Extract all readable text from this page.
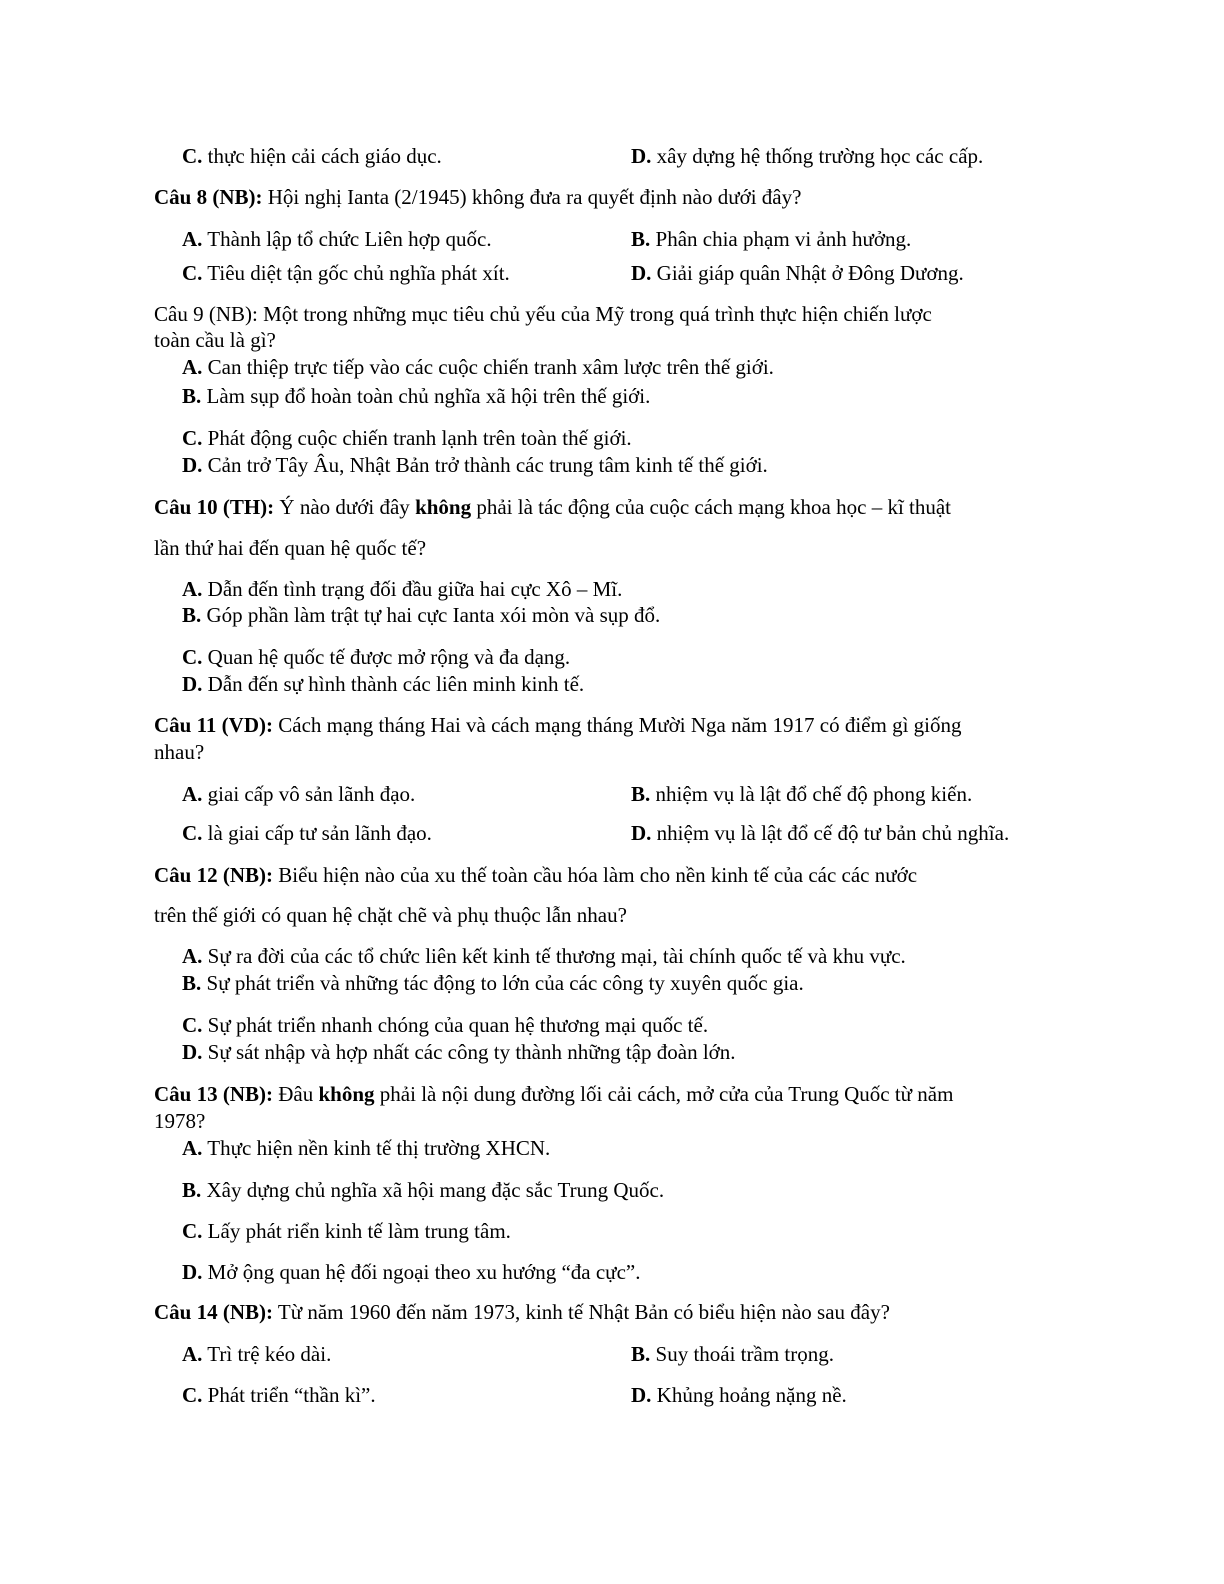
C. thực hiện cải cách giáo dục.	D. xây dựng hệ thống trường học các cấp.
Câu 8 (NB): Hội nghị Ianta (2/1945) không đưa ra quyết định nào dưới đây?
A. Thành lập tổ chức Liên hợp quốc.	B. Phân chia phạm vi ảnh hưởng.
C. Tiêu diệt tận gốc chủ nghĩa phát xít.	D. Giải giáp quân Nhật ở Đông Dương.
Câu 9 (NB): Một trong những mục tiêu chủ yếu của Mỹ trong quá trình thực hiện chiến lược
toàn cầu là gì?
A. Can thiệp trực tiếp vào các cuộc chiến tranh xâm lược trên thế giới.
B. Làm sụp đổ hoàn toàn chủ nghĩa xã hội trên thế giới.
C. Phát động cuộc chiến tranh lạnh trên toàn thế giới.
D. Cản trở Tây Âu, Nhật Bản trở thành các trung tâm kinh tế thế giới.
Câu 10 (TH): Ý nào dưới đây không phải là tác động của cuộc cách mạng khoa học – kĩ thuật
lần thứ hai đến quan hệ quốc tế?
A. Dẫn đến tình trạng đối đầu giữa hai cực Xô – Mĩ.
B. Góp phần làm trật tự hai cực Ianta xói mòn và sụp đổ.
C. Quan hệ quốc tế được mở rộng và đa dạng.
D. Dẫn đến sự hình thành các liên minh kinh tế.
Câu 11 (VD): Cách mạng tháng Hai và cách mạng tháng Mười Nga năm 1917 có điểm gì giống
nhau?
A. giai cấp vô sản lãnh đạo.	B. nhiệm vụ là lật đổ chế độ phong kiến.
C. là giai cấp tư sản lãnh đạo.	D. nhiệm vụ là lật đổ cế độ tư bản chủ nghĩa.
Câu 12 (NB): Biểu hiện nào của xu thế toàn cầu hóa làm cho nền kinh tế của các các nước
trên thế giới có quan hệ chặt chẽ và phụ thuộc lẫn nhau?
A. Sự ra đời của các tổ chức liên kết kinh tế thương mại, tài chính quốc tế và khu vực.
B. Sự phát triển và những tác động to lớn của các công ty xuyên quốc gia.
C. Sự phát triển nhanh chóng của quan hệ thương mại quốc tế.
D. Sự sát nhập và hợp nhất các công ty thành những tập đoàn lớn.
Câu 13 (NB): Đâu không phải là nội dung đường lối cải cách, mở cửa của Trung Quốc từ năm
1978?
A. Thực hiện nền kinh tế thị trường XHCN.
B. Xây dựng chủ nghĩa xã hội mang đặc sắc Trung Quốc.
C. Lấy phát riển kinh tế làm trung tâm.
D. Mở ộng quan hệ đối ngoại theo xu hướng “đa cực”.
Câu 14 (NB): Từ năm 1960 đến năm 1973, kinh tế Nhật Bản có biểu hiện nào sau đây?
A. Trì trệ kéo dài.	B. Suy thoái trầm trọng.
C. Phát triển “thần kì”.	D. Khủng hoảng nặng nề.
